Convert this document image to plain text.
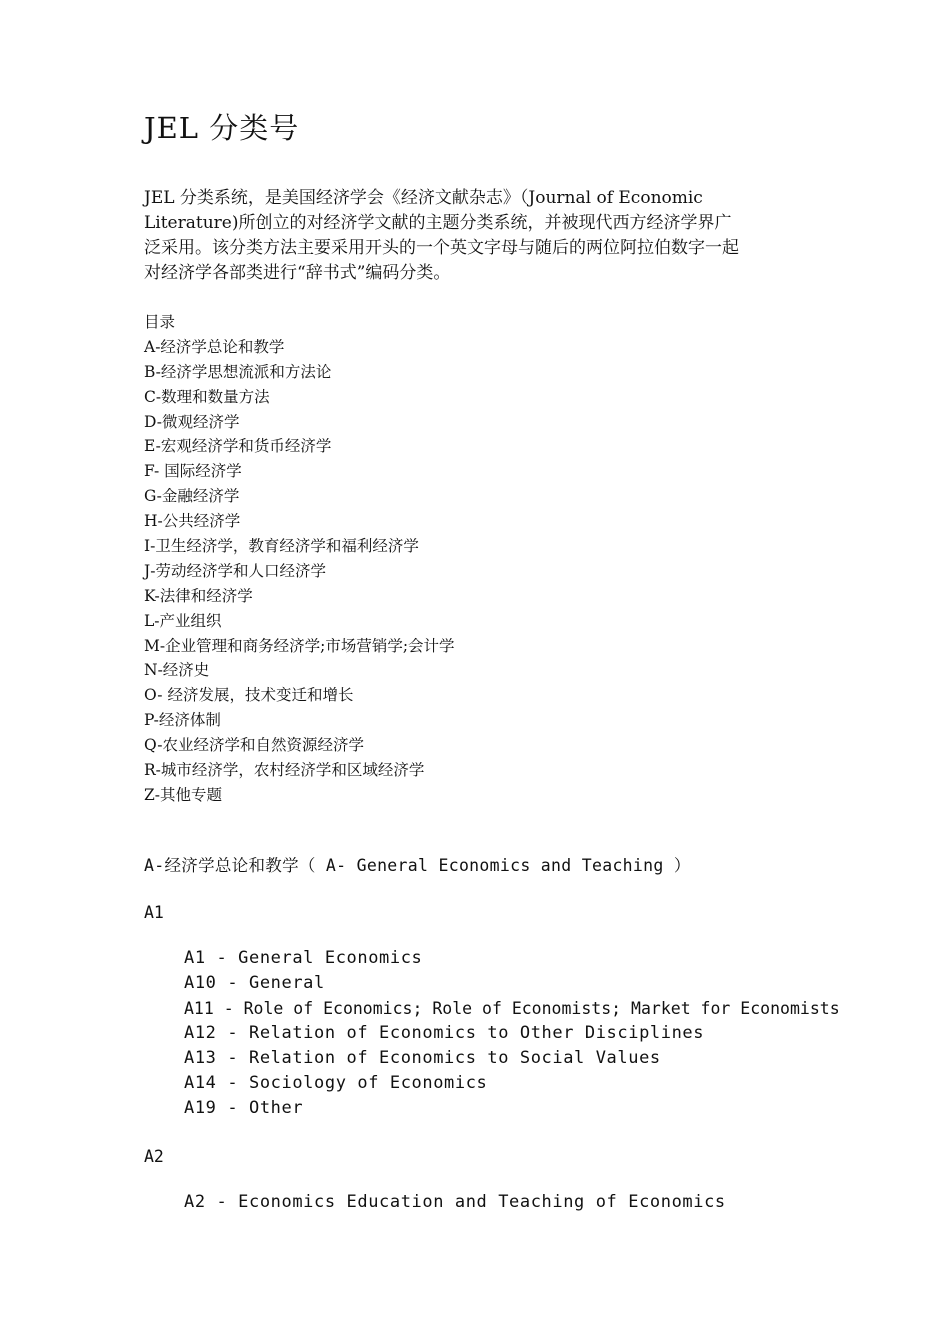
JEL 分类号
JEL 分类系统，是美国经济学会《经济文献杂志》（Journal of Economic
Literature)所创立的对经济学文献的主题分类系统，并被现代西方经济学界广
泛采用。该分类方法主要采用开头的一个英文字母与随后的两位阿拉伯数字一起
对经济学各部类进行“辞书式”编码分类。
目录
A-经济学总论和教学
B-经济学思想流派和方法论
C-数理和数量方法
D-微观经济学
E-宏观经济学和货币经济学
F- 国际经济学
G-金融经济学
H-公共经济学
I-卫生经济学，教育经济学和福利经济学
J-劳动经济学和人口经济学
K-法律和经济学
L-产业组织
M-企业管理和商务经济学;市场营销学;会计学
N-经济史
O- 经济发展，技术变迁和增长
P-经济体制
Q-农业经济学和自然资源经济学
R-城市经济学，农村经济学和区域经济学
Z-其他专题
A-经济学总论和教学（ A- General Economics and Teaching ）
A1
A1 - General Economics
A10 - General
A11 - Role of Economics; Role of Economists; Market for Economists
A12 - Relation of Economics to Other Disciplines
A13 - Relation of Economics to Social Values
A14 - Sociology of Economics
A19 - Other
A2
A2 - Economics Education and Teaching of Economics
